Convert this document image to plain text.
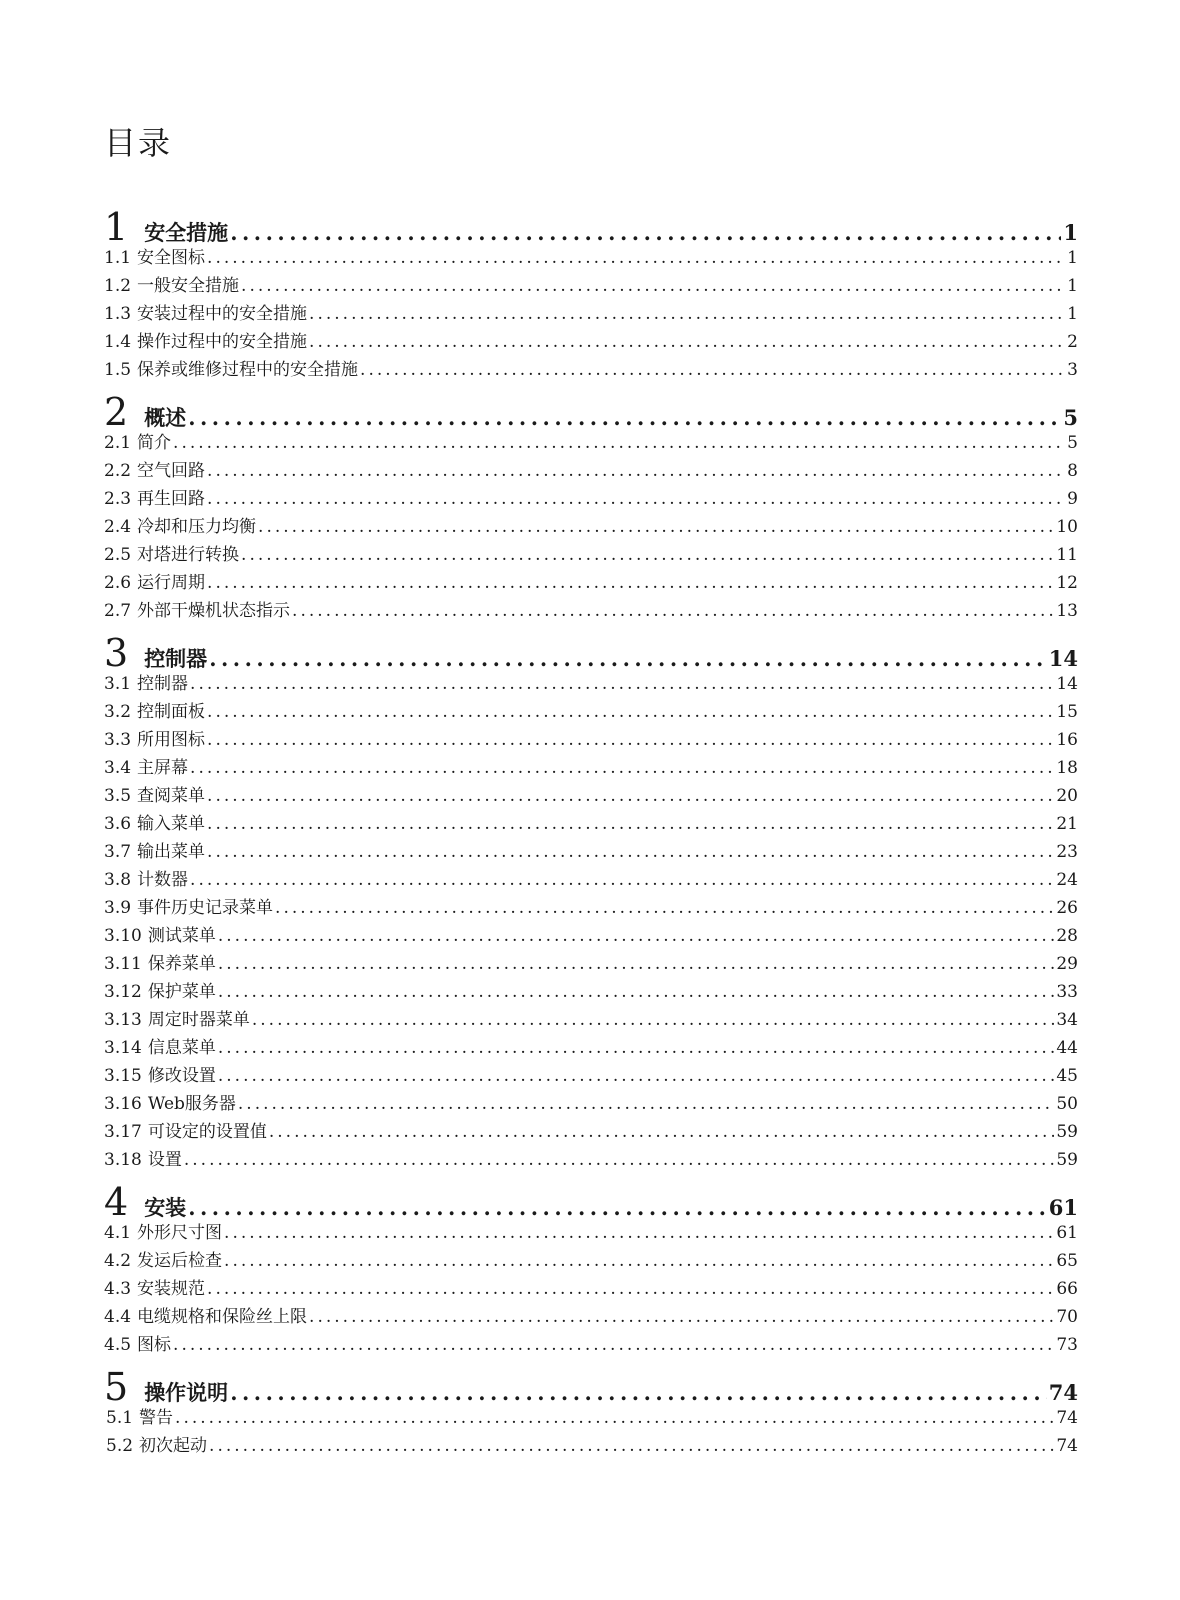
目录
1 安全措施 .....	1
1.1 安全图标 .....	1
1.2 一般安全措施 .....	1
1.3 安装过程中的安全措施 .....	1
1.4 操作过程中的安全措施 .....	2
1.5 保养或维修过程中的安全措施 .....	3
2 概述 .....	5
2.1 简介 .....	5
2.2 空气回路 .....	8
2.3 再生回路 .....	9
2.4 冷却和压力均衡 .....	10
2.5 对塔进行转换 .....	11
2.6 运行周期 .....	12
2.7 外部干燥机状态指示 .....	13
3 控制器 .....	14
3.1 控制器 .....	14
3.2 控制面板 .....	15
3.3 所用图标 .....	16
3.4 主屏幕 .....	18
3.5 查阅菜单 .....	20
3.6 输入菜单 .....	21
3.7 输出菜单 .....	23
3.8 计数器 .....	24
3.9 事件历史记录菜单 .....	26
3.10 测试菜单 .....	28
3.11 保养菜单 .....	29
3.12 保护菜单 .....	33
3.13 周定时器菜单 .....	34
3.14 信息菜单 .....	44
3.15 修改设置 .....	45
3.16 Web服务器 .....	50
3.17 可设定的设置值 .....	59
3.18 设置 .....	59
4 安装 .....	61
4.1 外形尺寸图 .....	61
4.2 发运后检查 .....	65
4.3 安装规范 .....	66
4.4 电缆规格和保险丝上限 .....	70
4.5 图标 .....	73
5 操作说明 .....	74
5.1 警告 .....	74
5.2 初次起动 .....	74
